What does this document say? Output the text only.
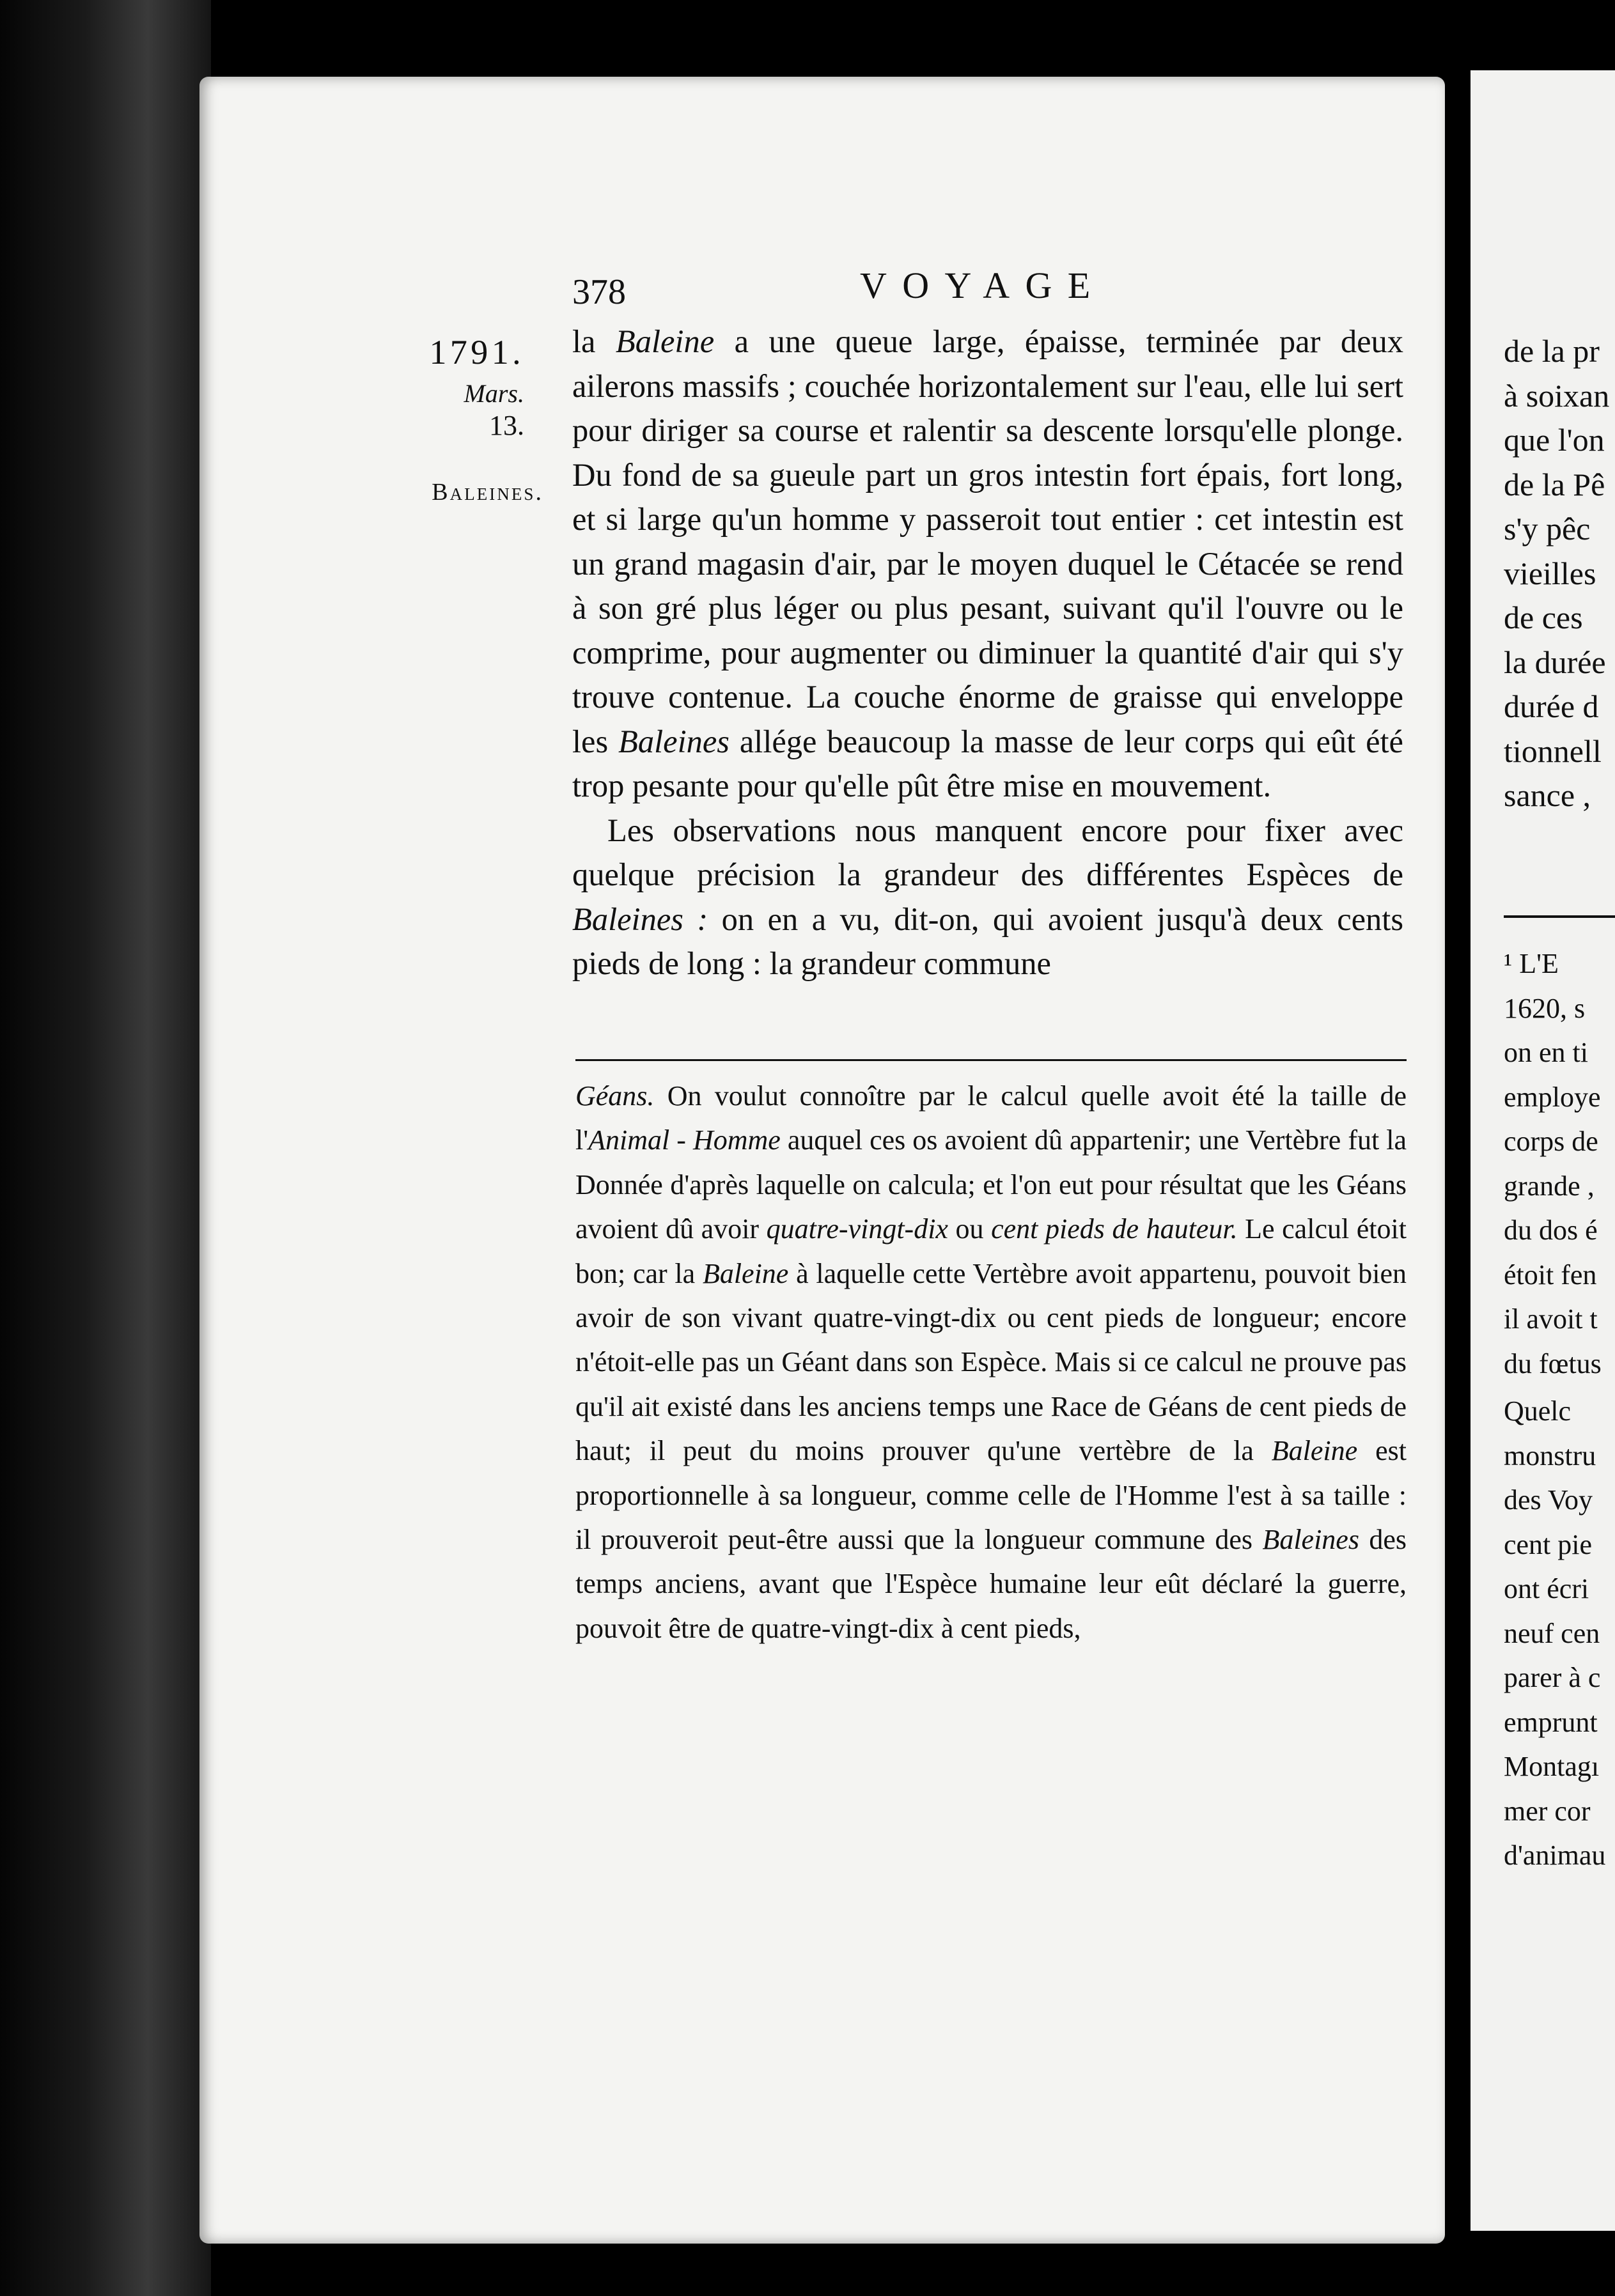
de la pr
à soixan
que l'on
de la Pê
s'y pêc
vieilles
de ces
la durée
durée d
tionnell
sance ,
¹ L'E
1620, s
on en ti
employe
corps de
grande ,
du dos é
étoit fen
il avoit t
du fœtus
Quelc
monstru
des Voy
cent pie
ont écri
neuf cen
parer à c
emprunt
Montagı
mer cor
d'animau
378	VOYAGE
1791.
Mars.
13.
Baleines.

la Baleine a une queue large, épaisse, terminée par deux ailerons massifs ; couchée horizontalement sur l'eau, elle lui sert pour diriger sa course et ralentir sa descente lorsqu'elle plonge. Du fond de sa gueule part un gros intestin fort épais, fort long, et si large qu'un homme y passeroit tout entier : cet intestin est un grand magasin d'air, par le moyen duquel le Cétacée se rend à son gré plus léger ou plus pesant, suivant qu'il l'ouvre ou le comprime, pour augmenter ou diminuer la quantité d'air qui s'y trouve contenue. La couche énorme de graisse qui enveloppe les Baleines allége beaucoup la masse de leur corps qui eût été trop pesante pour qu'elle pût être mise en mouvement.

Les observations nous manquent encore pour fixer avec quelque précision la grandeur des différentes Espèces de Baleines : on en a vu, dit-on, qui avoient jusqu'à deux cents pieds de long : la grandeur commune

Géans. On voulut connoître par le calcul quelle avoit été la taille de l'Animal - Homme auquel ces os avoient dû appartenir; une Vertèbre fut la Donnée d'après laquelle on calcula; et l'on eut pour résultat que les Géans avoient dû avoir quatre-vingt-dix ou cent pieds de hauteur. Le calcul étoit bon; car la Baleine à laquelle cette Vertèbre avoit appartenu, pouvoit bien avoir de son vivant quatre-vingt-dix ou cent pieds de longueur; encore n'étoit-elle pas un Géant dans son Espèce. Mais si ce calcul ne prouve pas qu'il ait existé dans les anciens temps une Race de Géans de cent pieds de haut; il peut du moins prouver qu'une vertèbre de la Baleine est proportionnelle à sa longueur, comme celle de l'Homme l'est à sa taille : il prouveroit peut-être aussi que la longueur commune des Baleines des temps anciens, avant que l'Espèce humaine leur eût déclaré la guerre, pouvoit être de quatre-vingt-dix à cent pieds,
